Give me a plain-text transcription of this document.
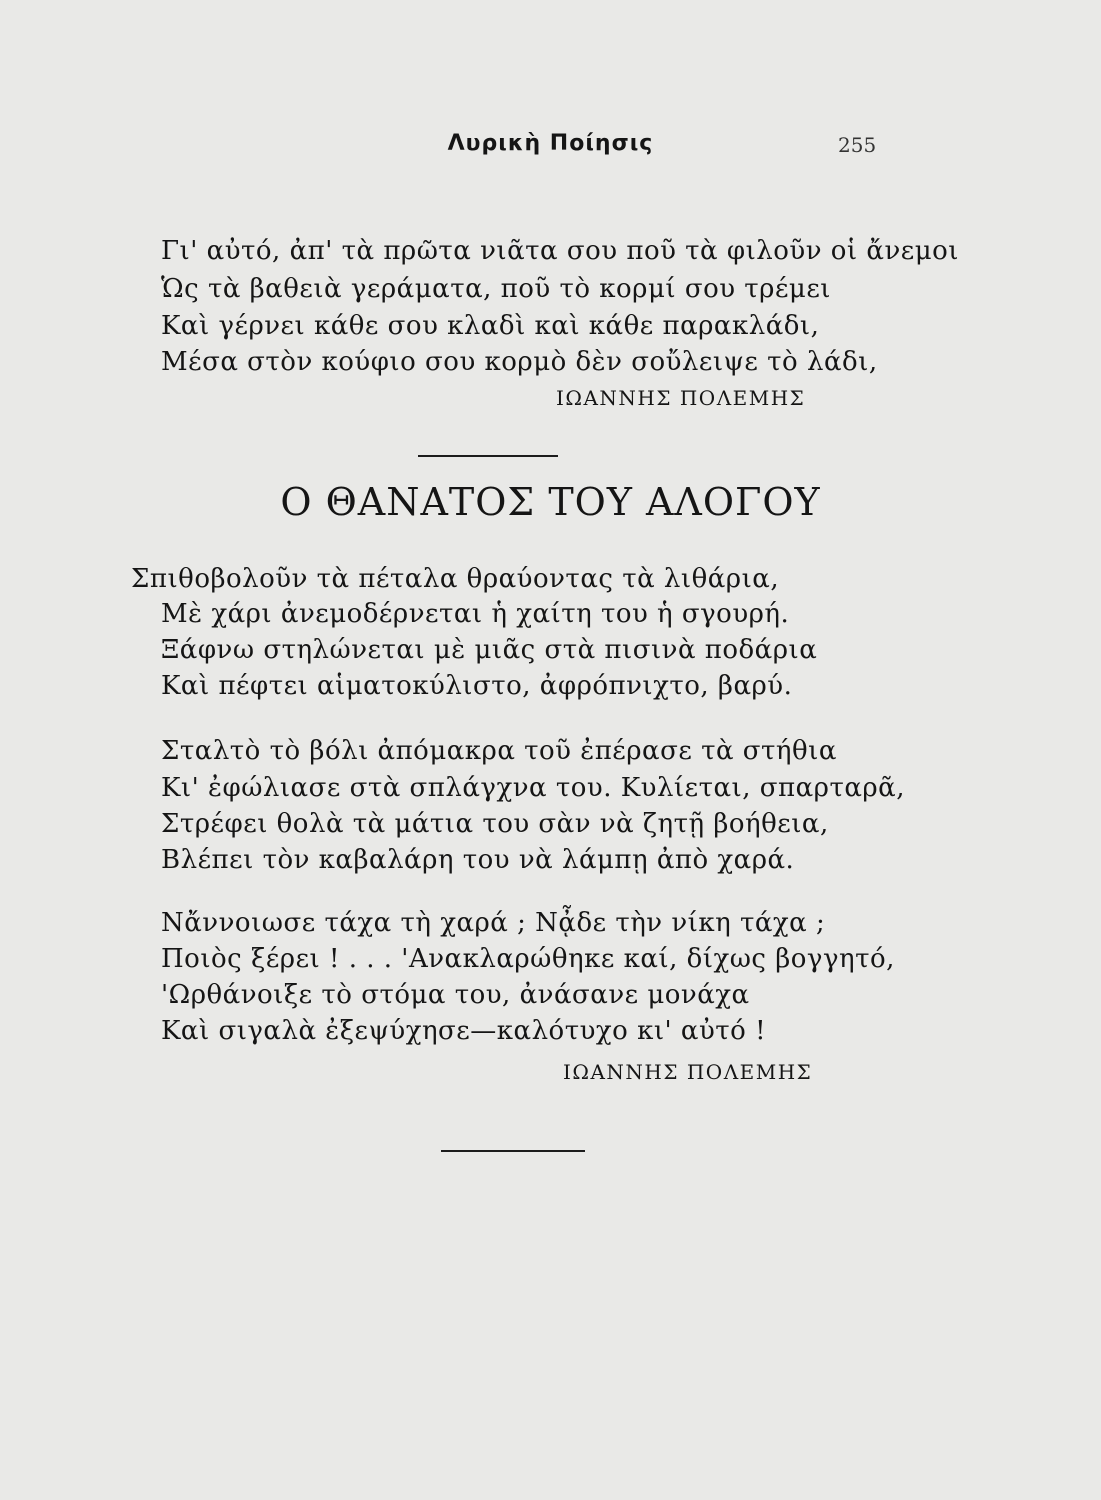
Λυρικὴ Ποίησις	255
Γι' αὐτό, ἀπ' τὰ πρῶτα νιᾶτα σου ποῦ τὰ φιλοῦν οἱ ἄνεμοι
Ὡς τὰ βαθειὰ γεράματα, ποῦ τὸ κορμί σου τρέμει
Καὶ γέρνει κάθε σου κλαδὶ καὶ κάθε παρακλάδι,
Μέσα στὸν κούφιο σου κορμὸ δὲν σοὔλειψε τὸ λάδι,
ΙΩΑΝΝΗΣ ΠΟΛΕΜΗΣ
Ο ΘΑΝΑΤΟΣ ΤΟΥ ΑΛΟΓΟΥ
Σπιθοβολοῦν τὰ πέταλα θραύοντας τὰ λιθάρια,
Μὲ χάρι ἀνεμοδέρνεται ἡ χαίτη του ἡ σγουρή.
Ξάφνω στηλώνεται μὲ μιᾶς στὰ πισινὰ ποδάρια
Καὶ πέφτει αἱματοκύλιστο, ἀφρόπνιχτο, βαρύ.
Σταλτὸ τὸ βόλι ἀπόμακρα τοῦ ἐπέρασε τὰ στήθια
Κι' ἐφώλιασε στὰ σπλάγχνα του. Κυλίεται, σπαρταρᾶ,
Στρέφει θολὰ τὰ μάτια του σὰν νὰ ζητῇ βοήθεια,
Βλέπει τὸν καβαλάρη του νὰ λάμπῃ ἀπὸ χαρά.
Νἄννοιωσε τάχα τὴ χαρά ; Νᾆδε τὴν νίκη τάχα ;
Ποιὸς ξέρει ! . . . 'Ανακλαρώθηκε καί, δίχως βογγητό,
'Ωρθάνοιξε τὸ στόμα του, ἀνάσανε μονάχα
Καὶ σιγαλὰ ἐξεψύχησε—καλότυχο κι' αὐτό !
ΙΩΑΝΝΗΣ ΠΟΛΕΜΗΣ
